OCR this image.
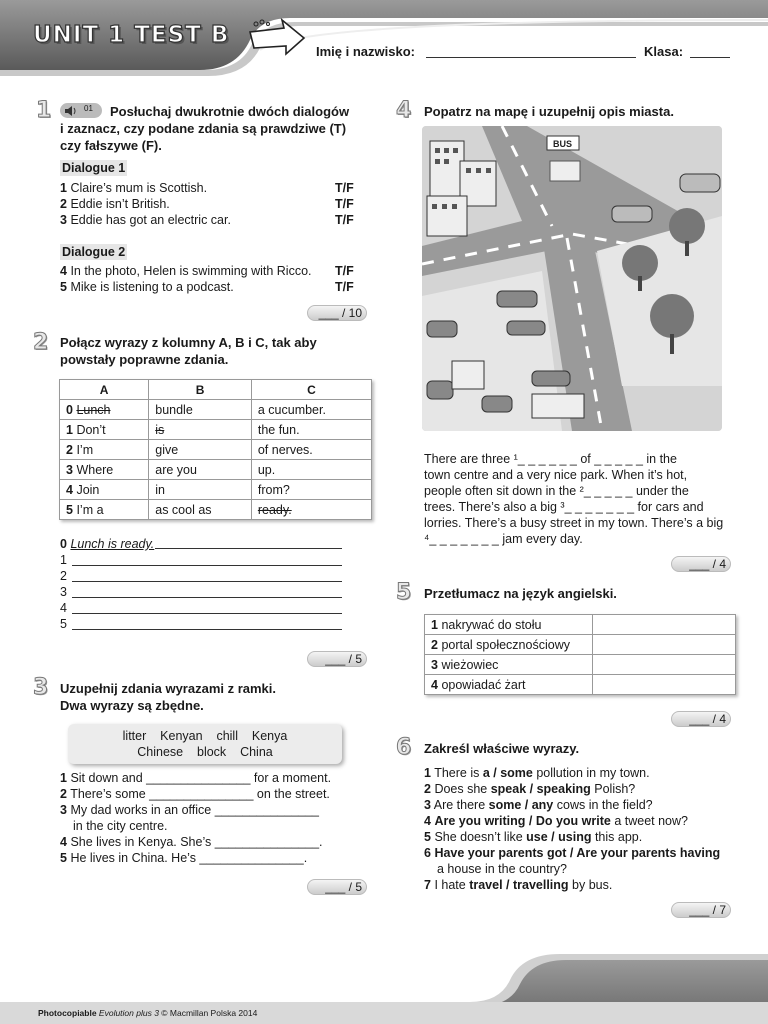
UNIT 1 TEST B
Imię i nazwisko:	Klasa:
1	01 Posłuchaj dwukrotnie dwóch dialogów
i zaznacz, czy podane zdania są prawdziwe (T)
czy fałszywe (F).
Dialogue 1
1 Claire’s mum is Scottish.	T/F
2 Eddie isn’t British.	T/F
3 Eddie has got an electric car.	T/F
Dialogue 2
4 In the photo, Helen is swimming with Ricco. T/F
5 Mike is listening to a podcast.	T/F
___ / 10
2 Połącz wyrazy z kolumny A, B i C, tak aby
powstały poprawne zdania.
A	B	C
0 Lunch	bundle	a cucumber.
1 Don’t	is	the fun.
2 I’m	give	of nerves.
3 Where	are you	up.
4 Join	in	from?
5 I’m a	as cool as	ready.
0 Lunch is ready.
1
2
3
4
5
___ / 5
3 Uzupełnij zdania wyrazami z ramki.
Dwa wyrazy są zbędne.
litter    Kenyan    chill    Kenya
Chinese    block    China
1 Sit down and _______________ for a moment.
2 There’s some _______________ on the street.
3 My dad works in an office _______________
in the city centre.
4 She lives in Kenya. She’s _______________.
5 He lives in China. He’s _______________.
___ / 5
4 Popatrz na mapę i uzupełnij opis miasta.
BUS
There are three ¹_ _ _ _ _ _ of _ _ _ _ _ in the
town centre and a very nice park. When it’s hot,
people often sit down in the ²_ _ _ _ _ under the
trees. There’s also a big ³_ _ _ _ _ _ _ for cars and
lorries. There’s a busy street in my town. There’s a big
⁴_ _ _ _ _ _ _ jam every day.
___ / 4
5 Przetłumacz na język angielski.
1 nakrywać do stołu	
2 portal społecznościowy	
3 wieżowiec	
4 opowiadać żart	
___ / 4
6 Zakreśl właściwe wyrazy.
1 There is a / some pollution in my town.
2 Does she speak / speaking Polish?
3 Are there some / any cows in the field?
4 Are you writing / Do you write a tweet now?
5 She doesn’t like use / using this app.
6 Have your parents got / Are your parents having
a house in the country?
7 I hate travel / travelling by bus.
___ / 7
Photocopiable Evolution plus 3 © Macmillan Polska 2014
